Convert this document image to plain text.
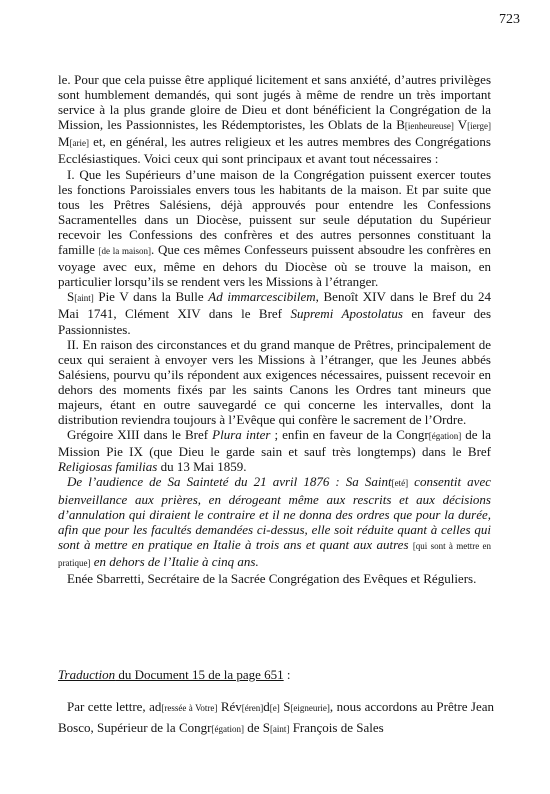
723

le. Pour que cela puisse être appliqué licitement et sans anxiété, d’autres privilèges sont humblement demandés, qui sont jugés à même de rendre un très important service à la plus grande gloire de Dieu et dont bénéficient la Congrégation de la Mission, les Passionnistes, les Rédemptoristes, les Oblats de la B[ienheureuse] V[ierge] M[arie] et, en général, les autres religieux et les autres membres des Congrégations Ecclésiastiques. Voici ceux qui sont principaux et avant tout nécessaires :

I. Que les Supérieurs d’une maison de la Congrégation puissent exercer toutes les fonctions Paroissiales envers tous les habitants de la maison. Et par suite que tous les Prêtres Salésiens, déjà approuvés pour entendre les Confessions Sacramentelles dans un Diocèse, puissent sur seule députation du Supérieur recevoir les Confessions des confrères et des autres personnes constituant la famille [de la maison]. Que ces mêmes Confesseurs puissent absoudre les confrères en voyage avec eux, même en dehors du Diocèse où se trouve la maison, en particulier lorsqu’ils se rendent vers les Missions à l’étranger.

S[aint] Pie V dans la Bulle Ad immarcescibilem, Benoît XIV dans le Bref du 24 Mai 1741, Clément XIV dans le Bref Supremi Apostolatus en faveur des Passionnistes.

II. En raison des circonstances et du grand manque de Prêtres, principalement de ceux qui seraient à envoyer vers les Missions à l’étranger, que les Jeunes abbés Salésiens, pourvu qu’ils répondent aux exigences nécessaires, puissent recevoir en dehors des moments fixés par les saints Canons les Ordres tant mineurs que majeurs, étant en outre sauvegardé ce qui concerne les intervalles, dont la distribution reviendra toujours à l’Evêque qui confère le sacrement de l’Ordre.

Grégoire XIII dans le Bref Plura inter ; enfin en faveur de la Congr[égation] de la Mission Pie IX (que Dieu le garde sain et sauf très longtemps) dans le Bref Religiosas familias du 13 Mai 1859.

De l’audience de Sa Sainteté du 21 avril 1876 : Sa Saint[eté] consentit avec bienveillance aux prières, en dérogeant même aux rescrits et aux décisions d’annulation qui diraient le contraire et il ne donna des ordres que pour la durée, afin que pour les facultés demandées ci-dessus, elle soit réduite quant à celles qui sont à mettre en pratique en Italie à trois ans et quant aux autres [qui sont à mettre en pratique] en dehors de l’Italie à cinq ans.

Enée Sbarretti, Secrétaire de la Sacrée Congrégation des Evêques et Réguliers.

Traduction du Document 15 de la page 651 :

Par cette lettre, ad[ressée à Votre] Rév[éren]d[e] S[eigneurie], nous accordons au Prêtre Jean Bosco, Supérieur de la Congr[égation] de S[aint] François de Sales
